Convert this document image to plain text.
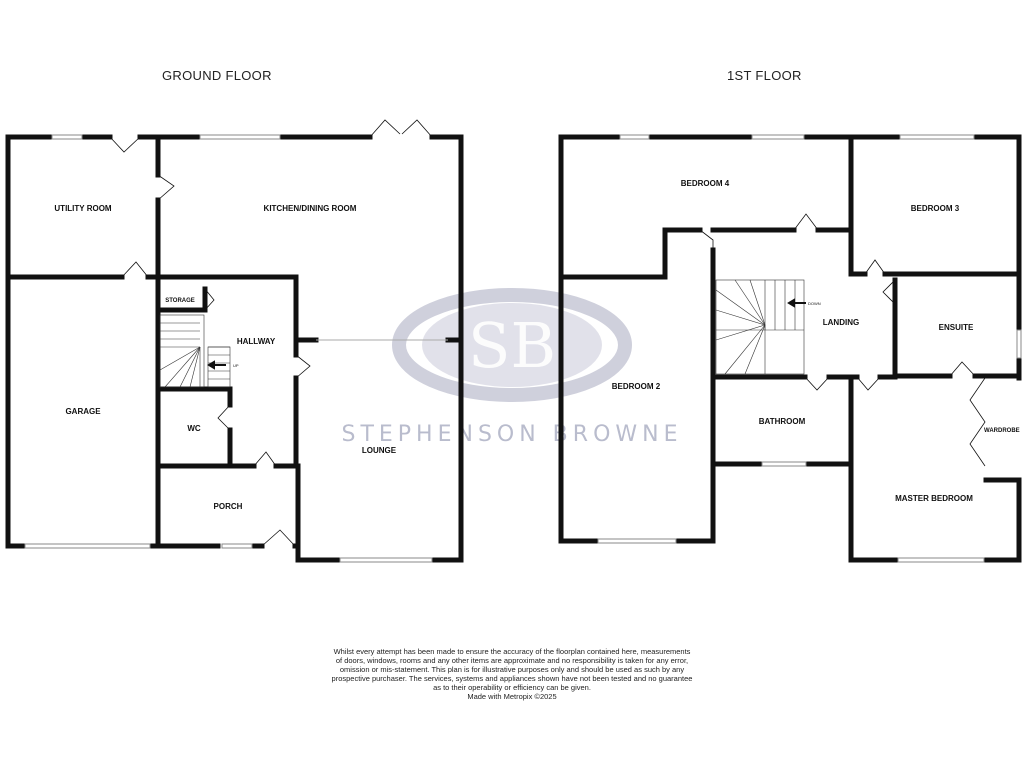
GROUND FLOOR	1ST FLOOR
SB
STEPHENSON BROWNE
UP
UTILITY ROOM	KITCHEN/DINING ROOM
STORAGE
HALLWAY
GARAGE
WC
LOUNGE
PORCH
DOWN
BEDROOM 4
BEDROOM 3
LANDING
ENSUITE
BEDROOM 2
BATHROOM
WARDROBE
MASTER BEDROOM

Whilst every attempt has been made to ensure the accuracy of the floorplan contained here, measurements

of doors, windows, rooms and any other items are approximate and no responsibility is taken for any error,

omission or mis-statement. This plan is for illustrative purposes only and should be used as such by any

prospective purchaser. The services, systems and appliances shown have not been tested and no guarantee

as to their operability or efficiency can be given.

Made with Metropix ©2025
